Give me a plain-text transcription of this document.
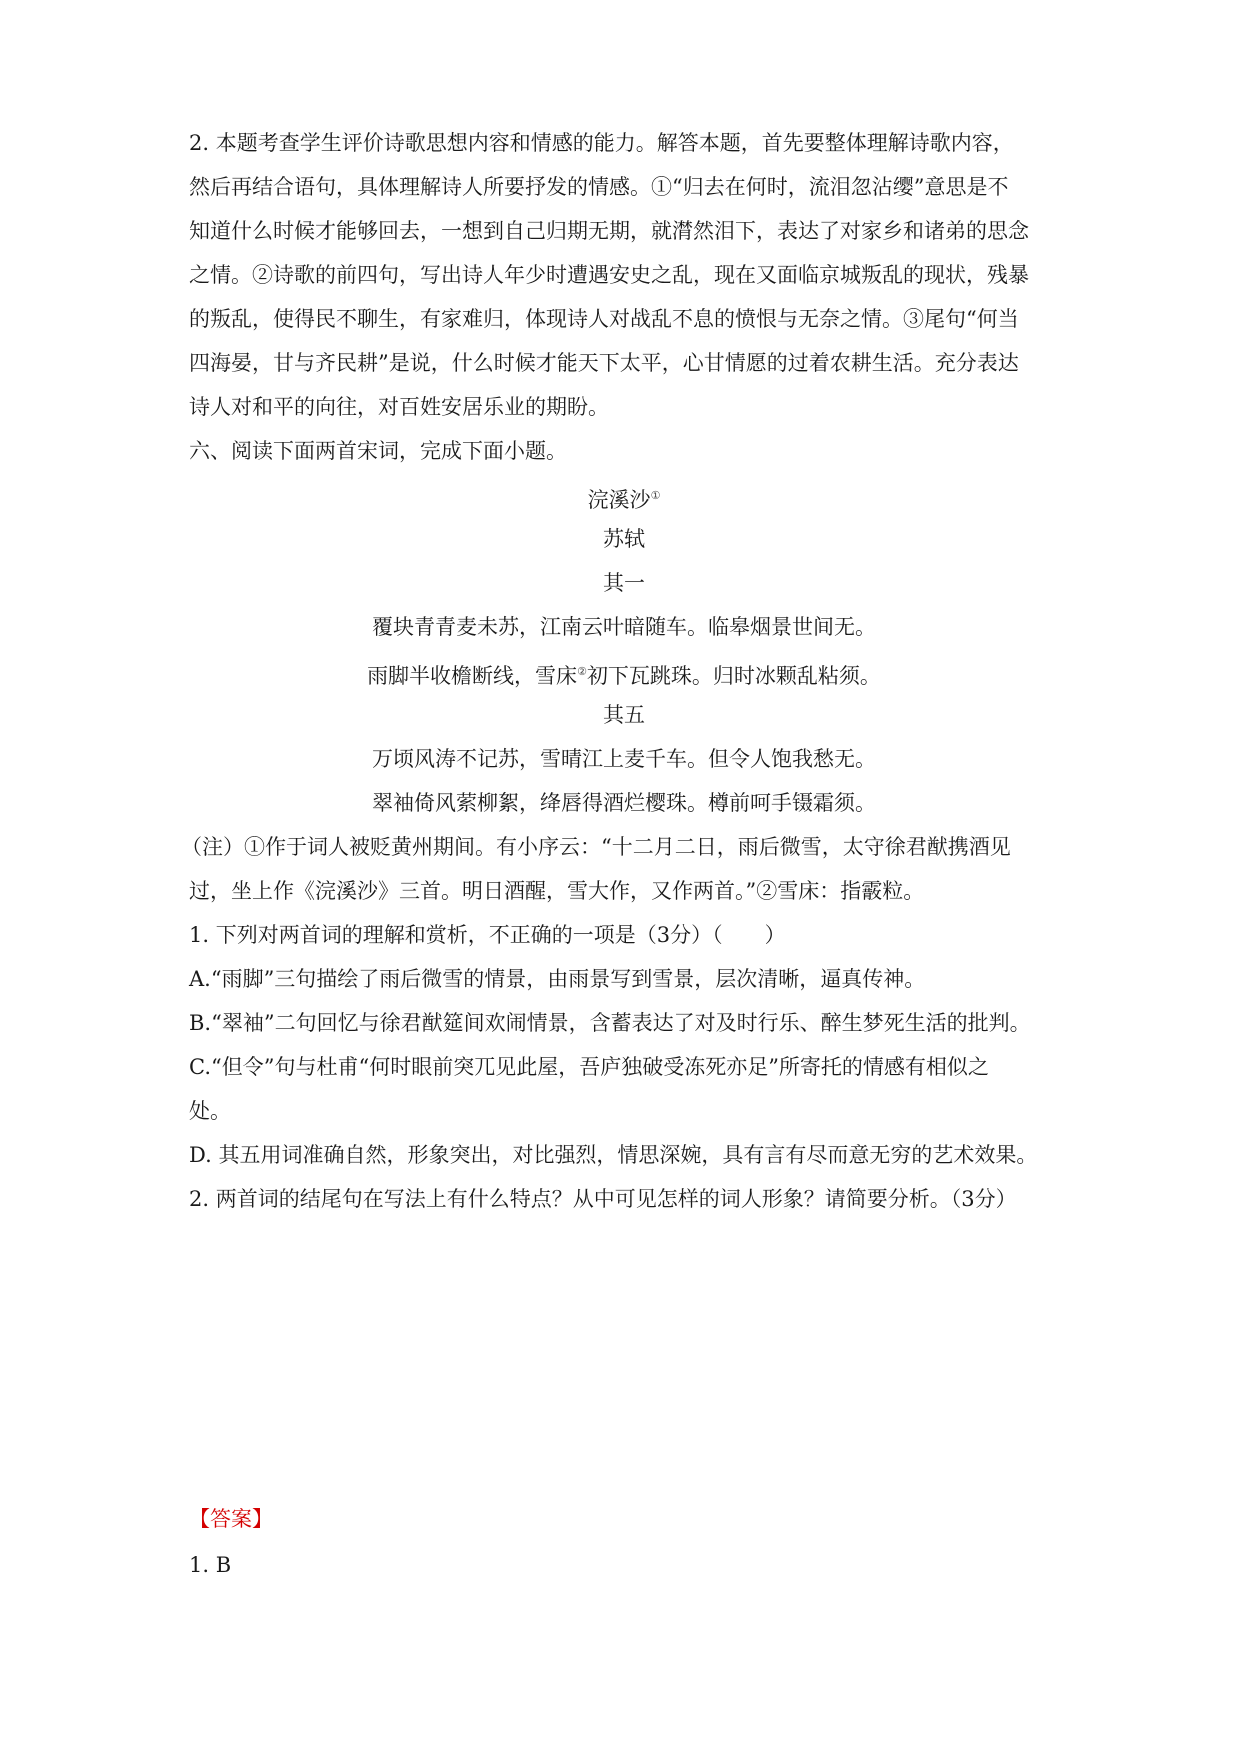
2. 本题考查学生评价诗歌思想内容和情感的能力。解答本题，首先要整体理解诗歌内容，

然后再结合语句，具体理解诗人所要抒发的情感。①“归去在何时，流泪忽沾缨”意思是不

知道什么时候才能够回去，一想到自己归期无期，就潸然泪下，表达了对家乡和诸弟的思念

之情。②诗歌的前四句，写出诗人年少时遭遇安史之乱，现在又面临京城叛乱的现状，残暴

的叛乱，使得民不聊生，有家难归，体现诗人对战乱不息的愤恨与无奈之情。③尾句“何当

四海晏，甘与齐民耕”是说，什么时候才能天下太平，心甘情愿的过着农耕生活。充分表达

诗人对和平的向往，对百姓安居乐业的期盼。

六、阅读下面两首宋词，完成下面小题。

浣溪沙①

苏轼

其一

覆块青青麦未苏，江南云叶暗随车。临皋烟景世间无。

雨脚半收檐断线，雪床②初下瓦跳珠。归时冰颗乱粘须。

其五

万顷风涛不记苏，雪晴江上麦千车。但令人饱我愁无。

翠袖倚风萦柳絮，绛唇得酒烂樱珠。樽前呵手镊霜须。

（注）①作于词人被贬黄州期间。有小序云：“十二月二日，雨后微雪，太守徐君猷携酒见

过，坐上作《浣溪沙》三首。明日酒醒，雪大作，又作两首。”②雪床：指霰粒。

1. 下列对两首词的理解和赏析，不正确的一项是（3分）（　　）

A.“雨脚”三句描绘了雨后微雪的情景，由雨景写到雪景，层次清晰，逼真传神。

B.“翠袖”二句回忆与徐君猷筵间欢闹情景，含蓄表达了对及时行乐、醉生梦死生活的批判。

C.“但令”句与杜甫“何时眼前突兀见此屋，吾庐独破受冻死亦足”所寄托的情感有相似之

处。

D. 其五用词准确自然，形象突出，对比强烈，情思深婉，具有言有尽而意无穷的艺术效果。

2. 两首词的结尾句在写法上有什么特点？从中可见怎样的词人形象？请简要分析。（3分）

【答案】

1. B
